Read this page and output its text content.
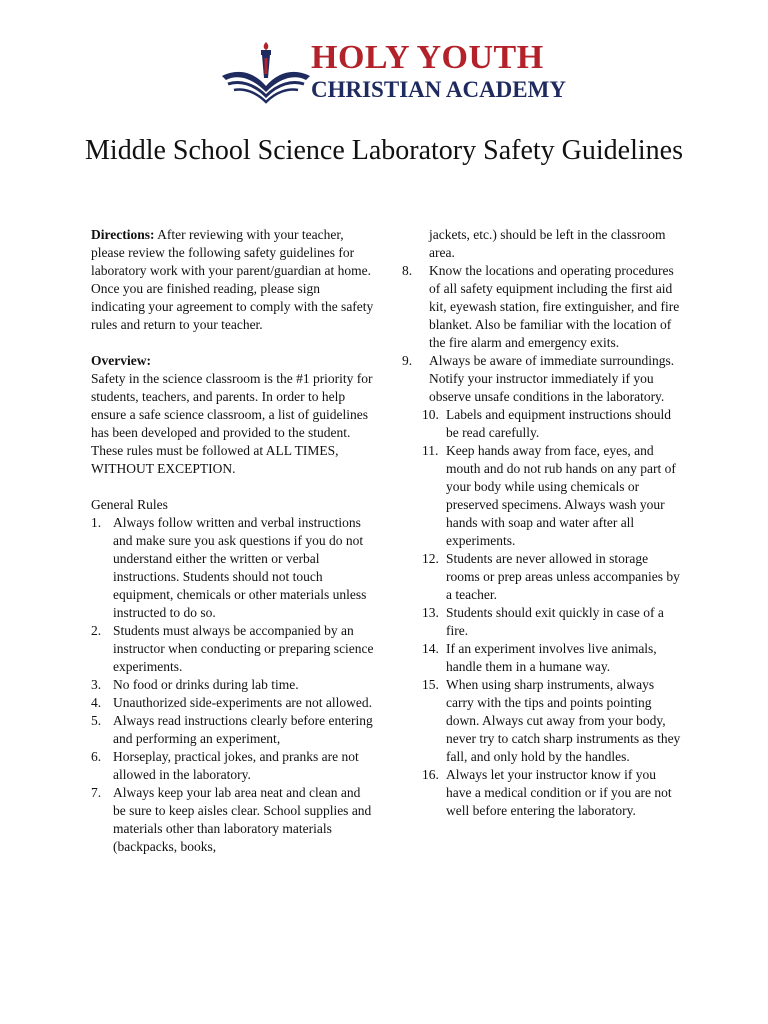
HOLY YOUTH
CHRISTIAN ACADEMY
Middle School Science Laboratory Safety Guidelines

Directions: After reviewing with your teacher, please review the following safety guidelines for laboratory work with your parent/guardian at home. Once you are finished reading, please sign indicating your agreement to comply with the safety rules and return to your teacher.

Overview:
Safety in the science classroom is the #1 priority for students, teachers, and parents. In order to help ensure a safe science classroom, a list of guidelines has been developed and provided to the student. These rules must be followed at ALL TIMES, WITHOUT EXCEPTION.

General Rules
1. Always follow written and verbal instructions and make sure you ask questions if you do not understand either the written or verbal instructions. Students should not touch equipment, chemicals or other materials unless instructed to do so.
2. Students must always be accompanied by an instructor when conducting or preparing science experiments.
3. No food or drinks during lab time.
4. Unauthorized side-experiments are not allowed.
5. Always read instructions clearly before entering and performing an experiment,
6. Horseplay, practical jokes, and pranks are not allowed in the laboratory.
7. Always keep your lab area neat and clean and be sure to keep aisles clear. School supplies and materials other than laboratory materials (backpacks, books,
jackets, etc.) should be left in the classroom area.
8. Know the locations and operating procedures of all safety equipment including the first aid kit, eyewash station, fire extinguisher, and fire blanket. Also be familiar with the location of the fire alarm and emergency exits.
9. Always be aware of immediate surroundings. Notify your instructor immediately if you observe unsafe conditions in the laboratory.
10. Labels and equipment instructions should be read carefully.
11. Keep hands away from face, eyes, and mouth and do not rub hands on any part of your body while using chemicals or preserved specimens. Always wash your hands with soap and water after all experiments.
12. Students are never allowed in storage rooms or prep areas unless accompanies by a teacher.
13. Students should exit quickly in case of a fire.
14. If an experiment involves live animals, handle them in a humane way.
15. When using sharp instruments, always carry with the tips and points pointing down. Always cut away from your body, never try to catch sharp instruments as they fall, and only hold by the handles.
16. Always let your instructor know if you have a medical condition or if you are not well before entering the laboratory.
